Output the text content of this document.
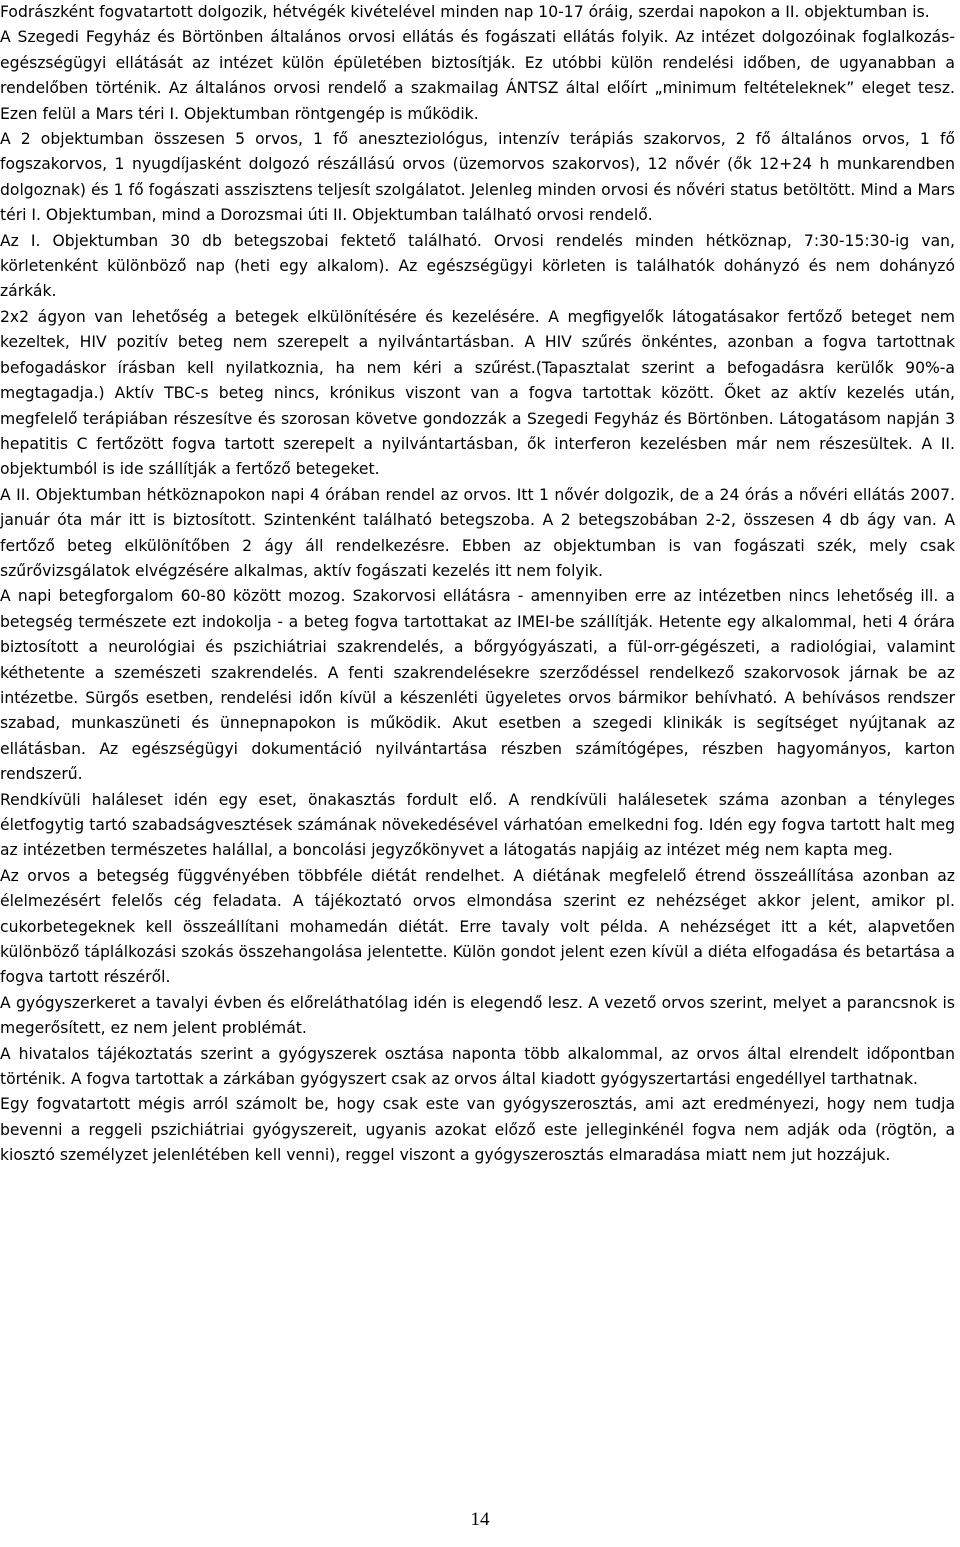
Fodrászként fogvatartott dolgozik, hétvégék kivételével minden nap 10-17 óráig, szerdai napokon a II. objektumban is.

A Szegedi Fegyház és Börtönben általános orvosi ellátás és fogászati ellátás folyik. Az intézet dolgozóinak foglalkozás-egészségügyi ellátását az intézet külön épületében biztosítják. Ez utóbbi külön rendelési időben, de ugyanabban a rendelőben történik. Az általános orvosi rendelő a szakmailag ÁNTSZ által előírt „minimum feltételeknek” eleget tesz. Ezen felül a Mars téri I. Objektumban röntgengép is működik.

A 2 objektumban összesen 5 orvos, 1 fő aneszteziológus, intenzív terápiás szakorvos, 2 fő általános orvos, 1 fő fogszakorvos, 1 nyugdíjasként dolgozó részállású orvos (üzemorvos szakorvos), 12 nővér (ők 12+24 h munkarendben dolgoznak) és 1 fő fogászati asszisztens teljesít szolgálatot. Jelenleg minden orvosi és nővéri status betöltött. Mind a Mars téri I. Objektumban, mind a Dorozsmai úti II. Objektumban található orvosi rendelő.

Az I. Objektumban 30 db betegszobai fektető található. Orvosi rendelés minden hétköznap, 7:30-15:30-ig van, körletenként különböző nap (heti egy alkalom). Az egészségügyi körleten is találhatók dohányzó és nem dohányzó zárkák.

2x2 ágyon van lehetőség a betegek elkülönítésére és kezelésére. A megfigyelők látogatásakor fertőző beteget nem kezeltek, HIV pozitív beteg nem szerepelt a nyilvántartásban. A HIV szűrés önkéntes, azonban a fogva tartottnak befogadáskor írásban kell nyilatkoznia, ha nem kéri a szűrést.(Tapasztalat szerint a befogadásra kerülők 90%-a megtagadja.) Aktív TBC-s beteg nincs, krónikus viszont van a fogva tartottak között. Őket az aktív kezelés után, megfelelő terápiában részesítve és szorosan követve gondozzák a Szegedi Fegyház és Börtönben. Látogatásom napján 3 hepatitis C fertőzött fogva tartott szerepelt a nyilvántartásban, ők interferon kezelésben már nem részesültek. A II. objektumból is ide szállítják a fertőző betegeket.

A II. Objektumban hétköznapokon napi 4 órában rendel az orvos. Itt 1 nővér dolgozik, de a 24 órás a nővéri ellátás 2007. január óta már itt is biztosított. Szintenként található betegszoba. A 2 betegszobában 2-2, összesen 4 db ágy van. A fertőző beteg elkülönítőben 2 ágy áll rendelkezésre. Ebben az objektumban is van fogászati szék, mely csak szűrővizsgálatok elvégzésére alkalmas, aktív fogászati kezelés itt nem folyik.

A napi betegforgalom 60-80 között mozog. Szakorvosi ellátásra - amennyiben erre az intézetben nincs lehetőség ill. a betegség természete ezt indokolja - a beteg fogva tartottakat az IMEI-be szállítják. Hetente egy alkalommal, heti 4 órára biztosított a neurológiai és pszichiátriai szakrendelés, a bőrgyógyászati, a fül-orr-gégészeti, a radiológiai, valamint kéthetente a szemészeti szakrendelés. A fenti szakrendelésekre szerződéssel rendelkező szakorvosok járnak be az intézetbe. Sürgős esetben, rendelési időn kívül a készenléti ügyeletes orvos bármikor behívható. A behívásos rendszer szabad, munkaszüneti és ünnepnapokon is működik. Akut esetben a szegedi klinikák is segítséget nyújtanak az ellátásban. Az egészségügyi dokumentáció nyilvántartása részben számítógépes, részben hagyományos, karton rendszerű.

Rendkívüli haláleset idén egy eset, önakasztás fordult elő. A rendkívüli halálesetek száma azonban a tényleges életfogytig tartó szabadságvesztések számának növekedésével várhatóan emelkedni fog. Idén egy fogva tartott halt meg az intézetben természetes halállal, a boncolási jegyzőkönyvet a látogatás napjáig az intézet még nem kapta meg.

Az orvos a betegség függvényében többféle diétát rendelhet. A diétának megfelelő étrend összeállítása azonban az élelmezésért felelős cég feladata. A tájékoztató orvos elmondása szerint ez nehézséget akkor jelent, amikor pl. cukorbetegeknek kell összeállítani mohamedán diétát. Erre tavaly volt példa. A nehézséget itt a két, alapvetően különböző táplálkozási szokás összehangolása jelentette. Külön gondot jelent ezen kívül a diéta elfogadása és betartása a fogva tartott részéről.

A gyógyszerkeret a tavalyi évben és előreláthatólag idén is elegendő lesz. A vezető orvos szerint, melyet a parancsnok is megerősített, ez nem jelent problémát.

A hivatalos tájékoztatás szerint a gyógyszerek osztása naponta több alkalommal, az orvos által elrendelt időpontban történik. A fogva tartottak a zárkában gyógyszert csak az orvos által kiadott gyógyszertartási engedéllyel tarthatnak.

Egy fogvatartott mégis arról számolt be, hogy csak este van gyógyszerosztás, ami azt eredményezi, hogy nem tudja bevenni a reggeli pszichiátriai gyógyszereit, ugyanis azokat előző este jelleginkénél fogva nem adják oda (rögtön, a kiosztó személyzet jelenlétében kell venni), reggel viszont a gyógyszerosztás elmaradása miatt nem jut hozzájuk.

14
